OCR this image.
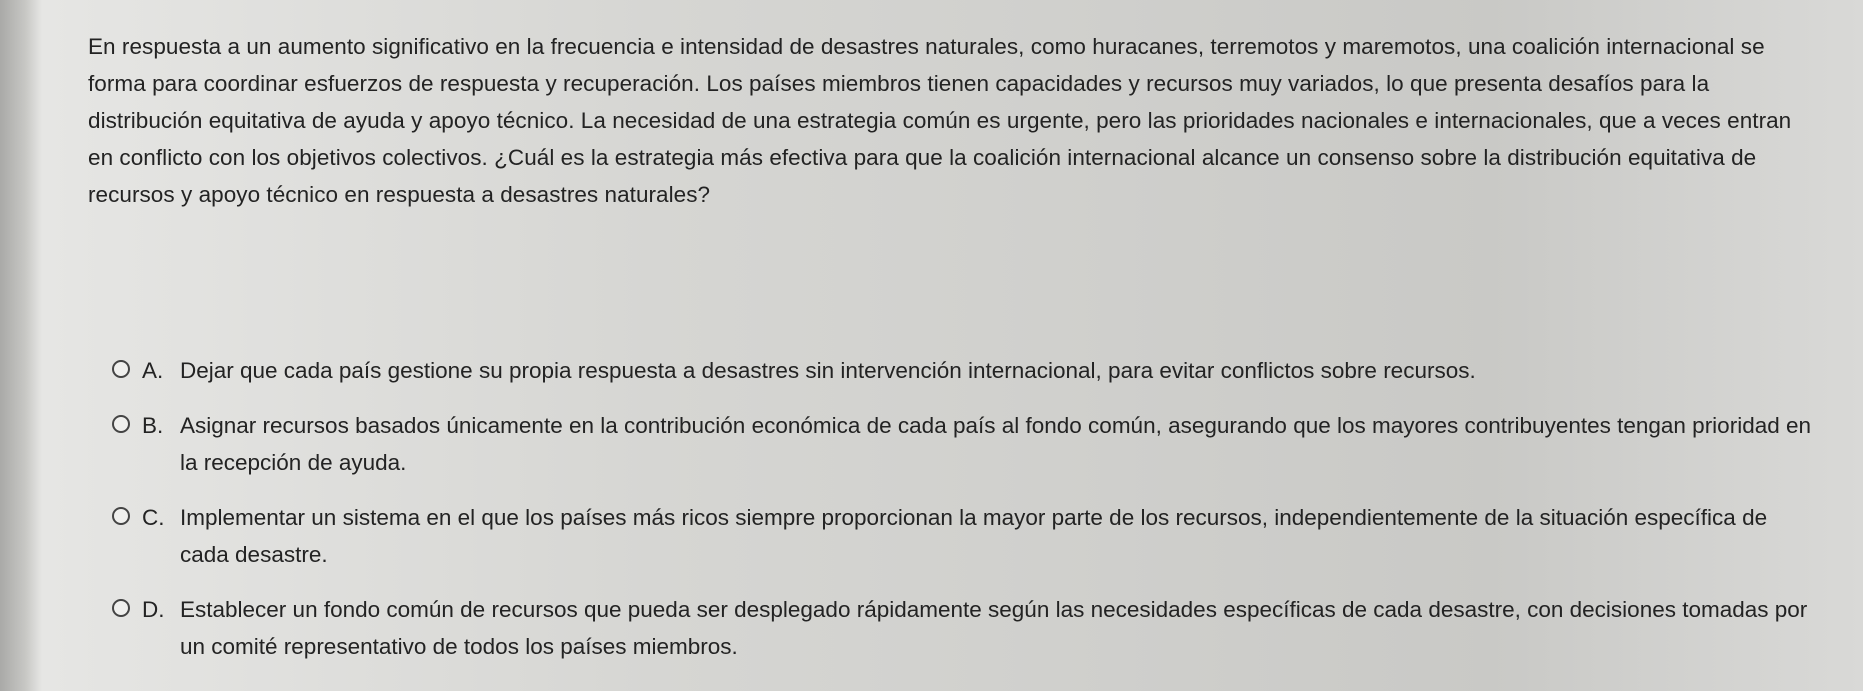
En respuesta a un aumento significativo en la frecuencia e intensidad de desastres naturales, como huracanes, terremotos y maremotos, una coalición internacional se forma para coordinar esfuerzos de respuesta y recuperación. Los países miembros tienen capacidades y recursos muy variados, lo que presenta desafíos para la distribución equitativa de ayuda y apoyo técnico. La necesidad de una estrategia común es urgente, pero las prioridades nacionales e internacionales, que a veces entran en conflicto con los objetivos colectivos. ¿Cuál es la estrategia más efectiva para que la coalición internacional alcance un consenso sobre la distribución equitativa de recursos y apoyo técnico en respuesta a desastres naturales?
A. Dejar que cada país gestione su propia respuesta a desastres sin intervención internacional, para evitar conflictos sobre recursos.
B. Asignar recursos basados únicamente en la contribución económica de cada país al fondo común, asegurando que los mayores contribuyentes tengan prioridad en la recepción de ayuda.
C. Implementar un sistema en el que los países más ricos siempre proporcionan la mayor parte de los recursos, independientemente de la situación específica de cada desastre.
D. Establecer un fondo común de recursos que pueda ser desplegado rápidamente según las necesidades específicas de cada desastre, con decisiones tomadas por un comité representativo de todos los países miembros.
